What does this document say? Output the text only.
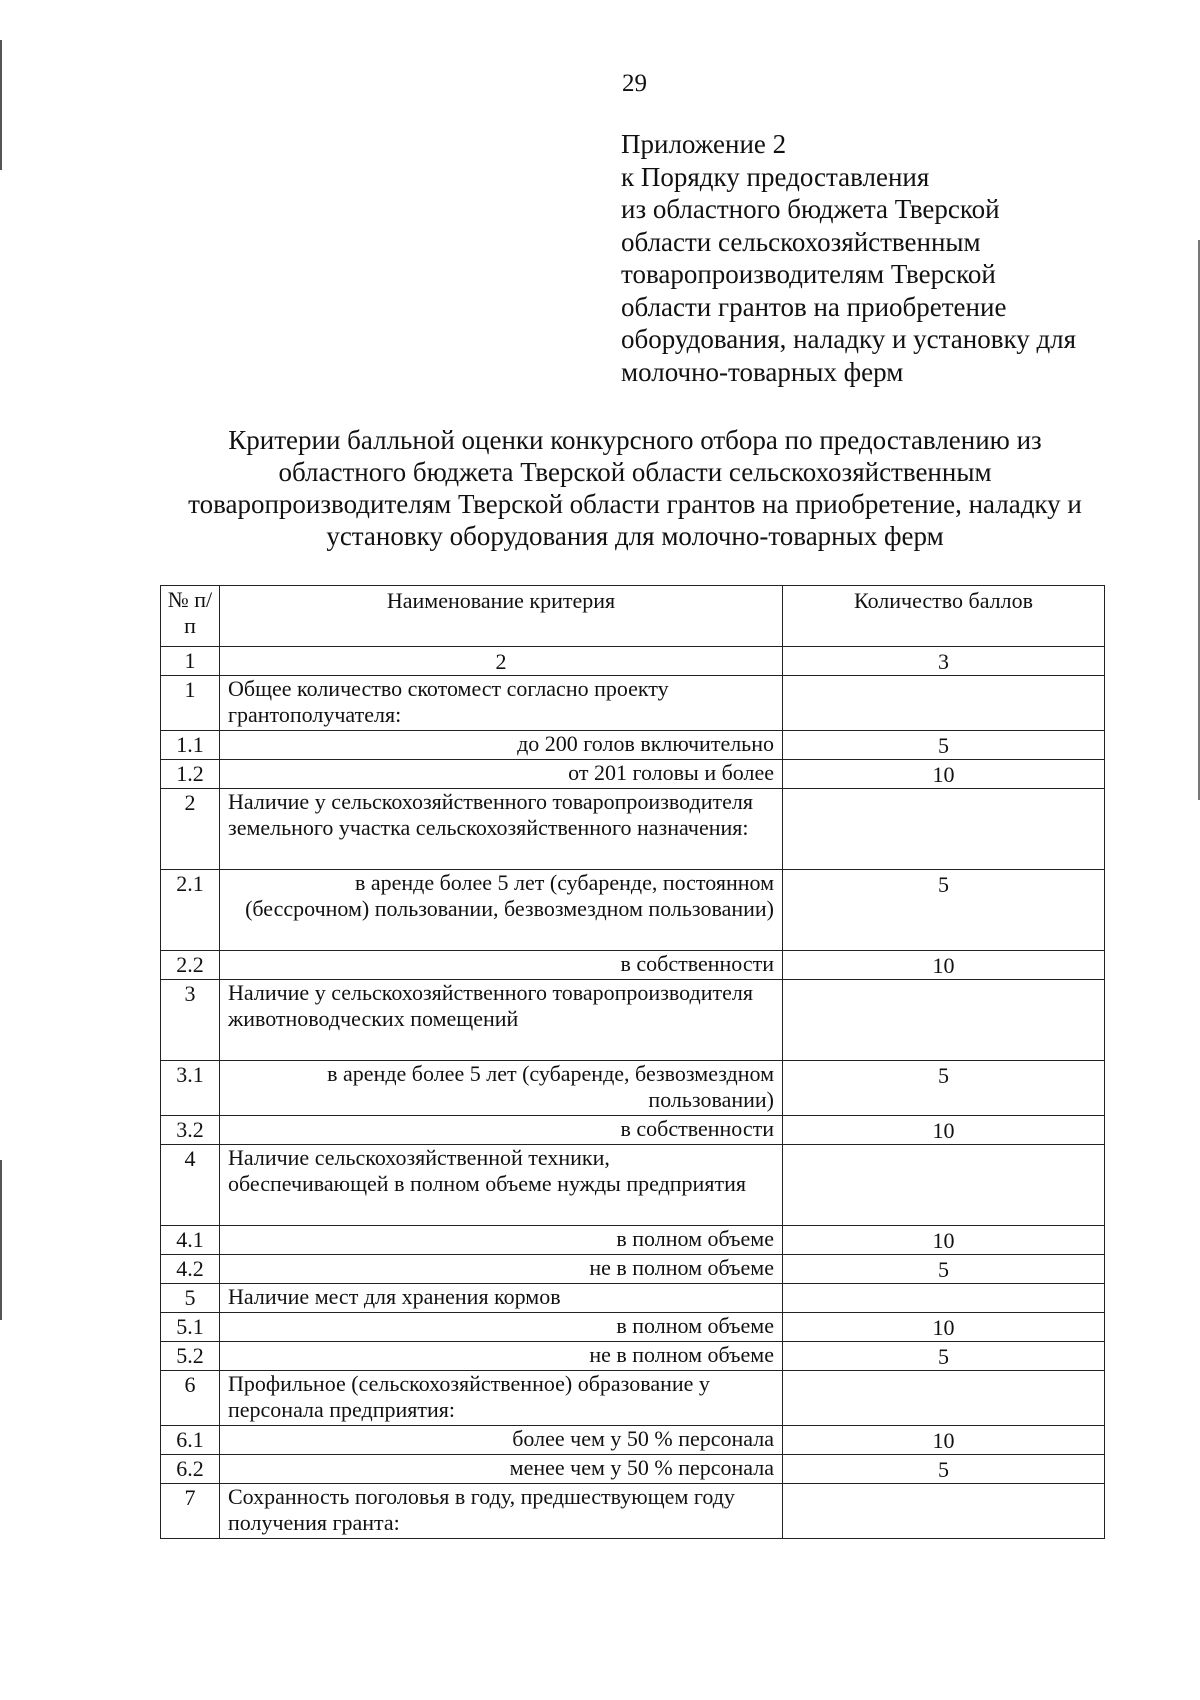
29
Приложение 2
к Порядку предоставления
из областного бюджета Тверской
области сельскохозяйственным
товаропроизводителям Тверской
области грантов на приобретение
оборудования, наладку и установку для
молочно-товарных ферм
Критерии балльной оценки конкурсного отбора по предоставлению из
областного бюджета Тверской области сельскохозяйственным
товаропроизводителям Тверской области грантов на приобретение, наладку и
установку оборудования для молочно-товарных ферм
№ п/п	Наименование критерия	Количество баллов
1	2	3
1	Общее количество скотомест согласно проекту грантополучателя:	
1.1	до 200 голов включительно	5
1.2	от 201 головы и более	10
2	Наличие у сельскохозяйственного товаропроизводителя земельного участка сельскохозяйственного назначения:	
2.1	в аренде более 5 лет (субаренде, постоянном (бессрочном) пользовании, безвозмездном пользовании)	5
2.2	в собственности	10
3	Наличие у сельскохозяйственного товаропроизводителя животноводческих помещений	
3.1	в аренде более 5 лет (субаренде, безвозмездном пользовании)	5
3.2	в собственности	10
4	Наличие сельскохозяйственной техники, обеспечивающей в полном объеме нужды предприятия	
4.1	в полном объеме	10
4.2	не в полном объеме	5
5	Наличие мест для хранения кормов	
5.1	в полном объеме	10
5.2	не в полном объеме	5
6	Профильное (сельскохозяйственное) образование у персонала предприятия:	
6.1	более чем у 50 % персонала	10
6.2	менее чем у 50 % персонала	5
7	Сохранность поголовья в году, предшествующем году получения гранта:	
